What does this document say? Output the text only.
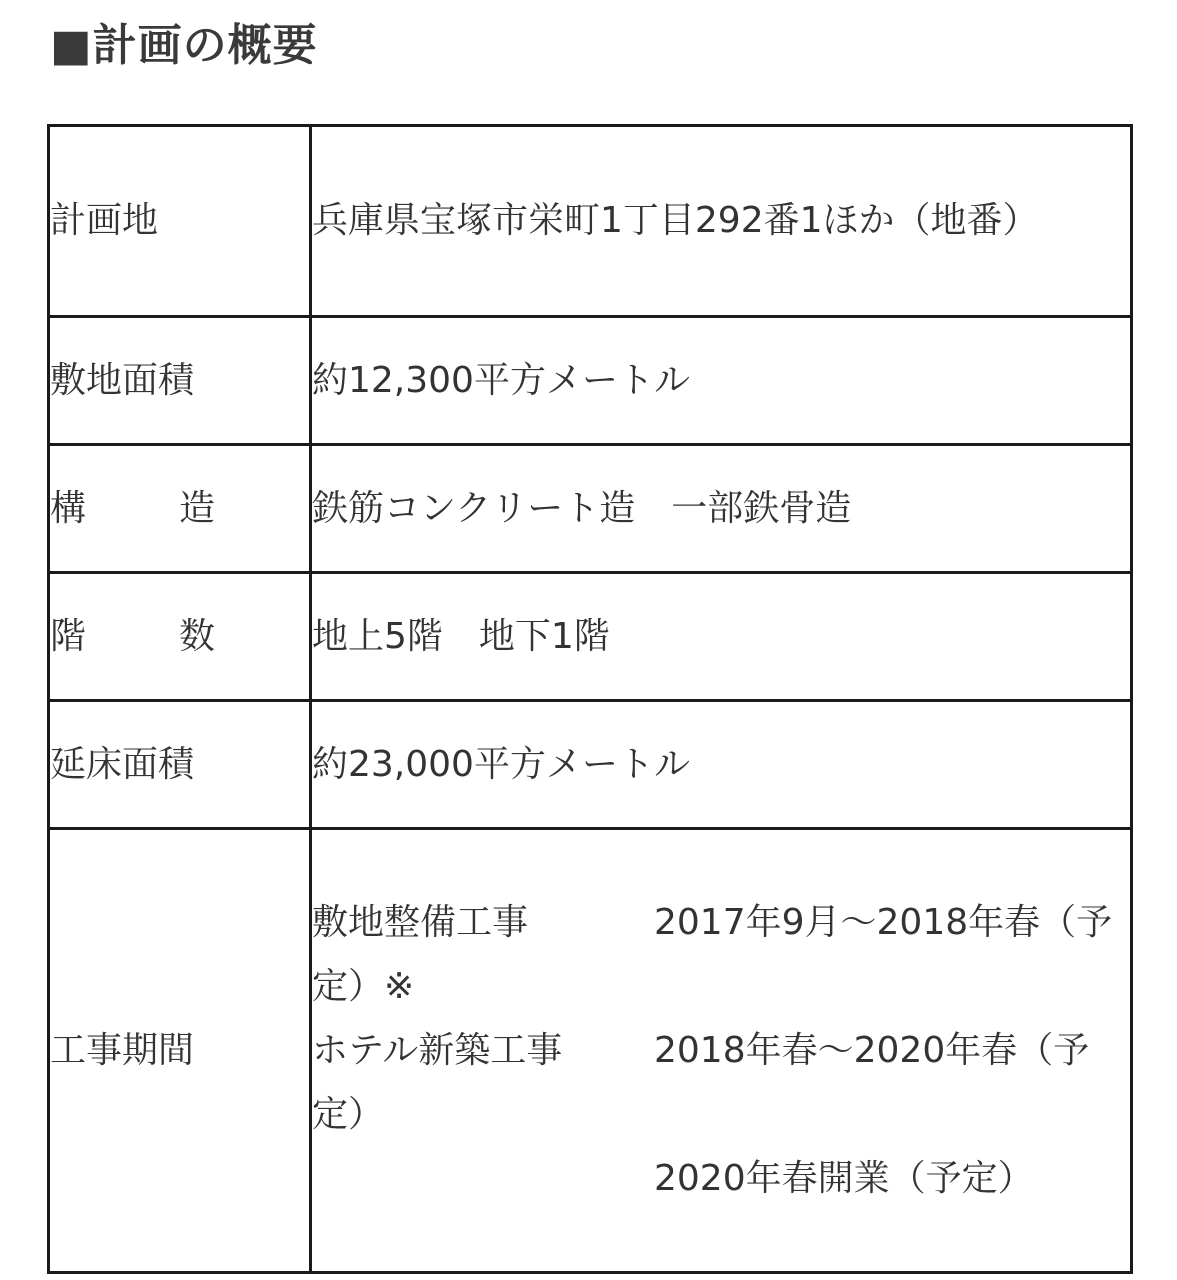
■計画の概要
計画地	兵庫県宝塚市栄町1丁目292番1ほか（地番）
敷地面積	約12,300平方メートル

構 造	鉄筋コンクリート造　一部鉄骨造

階 数	地上5階　地下1階
延床面積	約23,000平方メートル
工事期間	敷地整備工事 2017年9月～2018年春（予定）※
ホテル新築工事 2018年春～2020年春（予定）
2020年春開業（予定）
